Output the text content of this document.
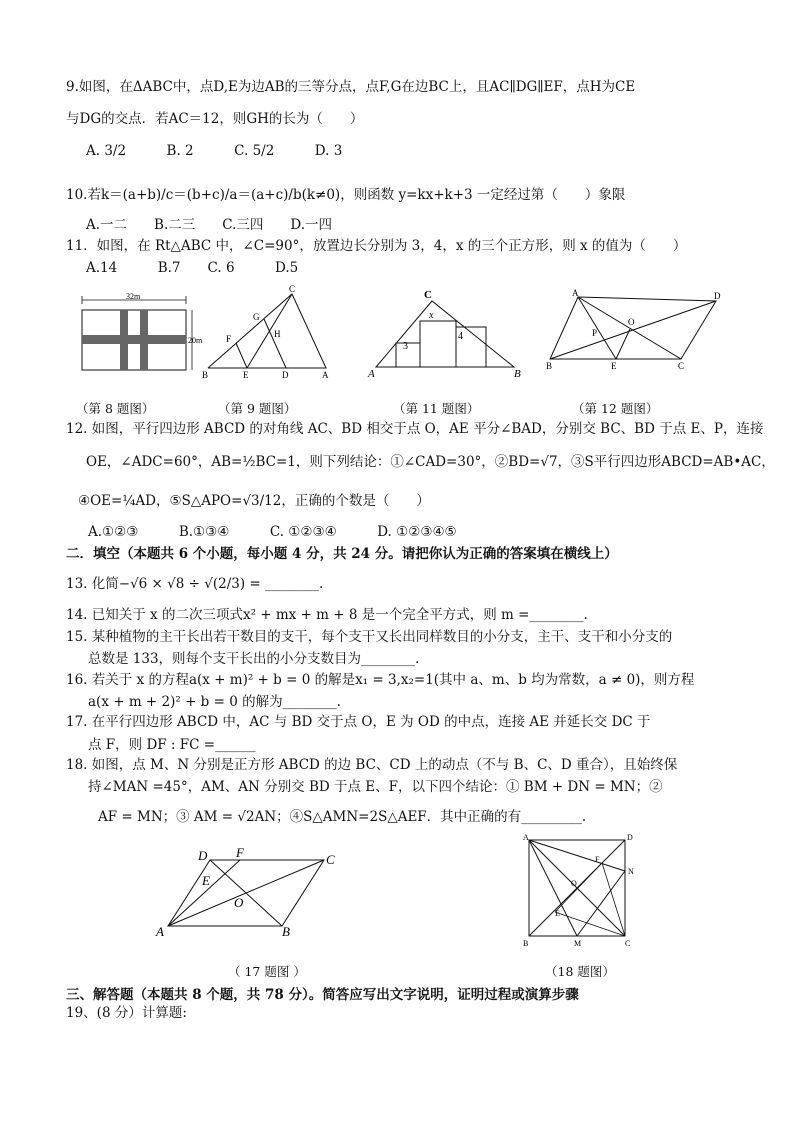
9.如图，在ΔABC中，点D,E为边AB的三等分点，点F,G在边BC上，且AC∥DG∥EF，点H为CE
与DG的交点．若AC＝12，则GH的长为（　　）
A. 3/2　　　B. 2　　　C. 5/2　　　D. 3
10.若k＝(a+b)/c＝(b+c)/a＝(a+c)/b(k≠0)，则函数 y=kx+k+3 一定经过第（　　）象限
A.一二　　B.二三　　C.三四　　D.一四
11．如图，在 Rt△ABC 中，∠C=90°，放置边长分别为 3，4，x 的三个正方形，则 x 的值为（　　）
A.14　　　B.7　　C. 6　　　D.5
32m
20m
（第 8 题图）
C
G
H
F
B	E	D	A
（第 9 题图）
C
x
4
3
A	B
（第 11 题图）
A	D
P
O
B	E	C
（第 12 题图）
12. 如图，平行四边形 ABCD 的对角线 AC、BD 相交于点 O，AE 平分∠BAD，分别交 BC、BD 于点 E、P，连接
OE，∠ADC=60°，AB=½BC=1，则下列结论：①∠CAD=30°，②BD=√7，③S平行四边形ABCD=AB•AC，
④OE=¼AD，⑤S△APO=√3/12，正确的个数是（　　）
A.①②③　　　B.①③④　　　C. ①②③④　　　D. ①②③④⑤
二．填空（本题共 6 个小题，每小题 4 分，共 24 分。请把你认为正确的答案填在横线上）
13. 化简−√6 × √8 ÷ √(2/3) = ________.
14. 已知关于 x 的二次三项式x² + mx + m + 8 是一个完全平方式，则 m =________.
15. 某种植物的主干长出若干数目的支干，每个支干又长出同样数目的小分支，主干、支干和小分支的
总数是 133，则每个支干长出的小分支数目为________.
16. 若关于 x 的方程a(x + m)² + b = 0 的解是x₁ = 3,x₂=1(其中 a、m、b 均为常数，a ≠ 0)，则方程
a(x + m + 2)² + b = 0 的解为________.
17. 在平行四边形 ABCD 中，AC 与 BD 交于点 O，E 为 OD 的中点，连接 AE 并延长交 DC 于
点 F，则 DF : FC =______
18. 如图，点 M、N 分别是正方形 ABCD 的边 BC、CD 上的动点（不与 B、C、D 重合），且始终保
持∠MAN =45°，AM、AN 分别交 BD 于点 E、F，以下四个结论：① BM + DN = MN；②
AF = MN；③ AM = √2AN；④S△AMN=2S△AEF．其中正确的有_________.
D F	C
E
O
A	B
（ 17 题图 ）
A	D
F
N
O
E
B	M	C
（18 题图）
三、解答题（本题共 8 个题，共 78 分）。简答应写出文字说明，证明过程或演算步骤
19、(8 分）计算题:
